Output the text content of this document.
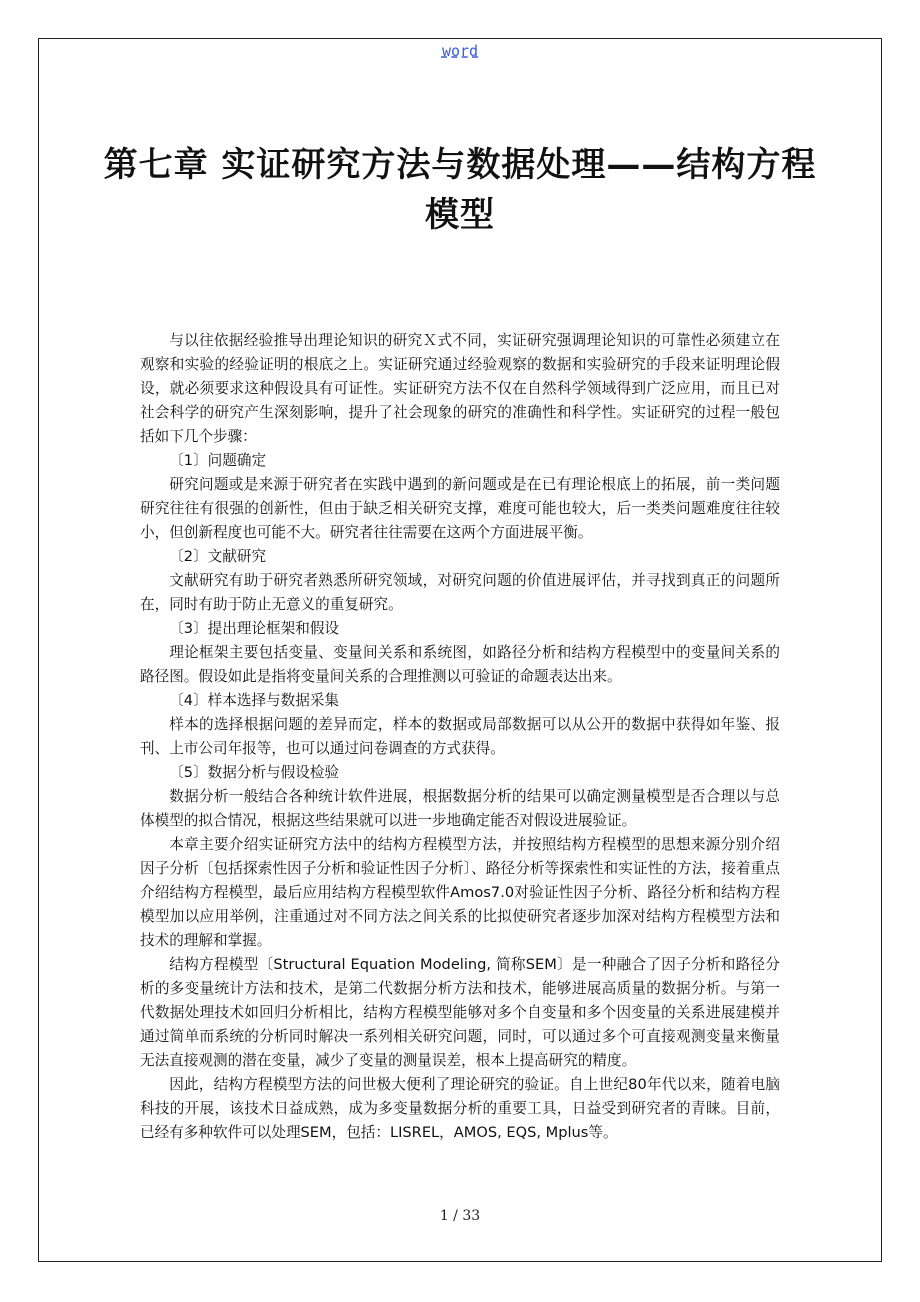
word
第七章 实证研究方法与数据处理——结构方程模型

与以往依据经验推导出理论知识的研究Ｘ式不同，实证研究强调理论知识的可靠性必须建立在观察和实验的经验证明的根底之上。实证研究通过经验观察的数据和实验研究的手段来证明理论假设，就必须要求这种假设具有可证性。实证研究方法不仅在自然科学领域得到广泛应用，而且已对社会科学的研究产生深刻影响，提升了社会现象的研究的准确性和科学性。实证研究的过程一般包括如下几个步骤：

〔1〕问题确定

研究问题或是来源于研究者在实践中遇到的新问题或是在已有理论根底上的拓展，前一类问题研究往往有很强的创新性，但由于缺乏相关研究支撑，难度可能也较大，后一类类问题难度往往较小，但创新程度也可能不大。研究者往往需要在这两个方面进展平衡。

〔2〕文献研究

文献研究有助于研究者熟悉所研究领域，对研究问题的价值进展评估，并寻找到真正的问题所在，同时有助于防止无意义的重复研究。

〔3〕提出理论框架和假设

理论框架主要包括变量、变量间关系和系统图，如路径分析和结构方程模型中的变量间关系的路径图。假设如此是指将变量间关系的合理推测以可验证的命题表达出来。

〔4〕样本选择与数据采集

样本的选择根据问题的差异而定，样本的数据或局部数据可以从公开的数据中获得如年鉴、报刊、上市公司年报等，也可以通过问卷调查的方式获得。

〔5〕数据分析与假设检验

数据分析一般结合各种统计软件进展，根据数据分析的结果可以确定测量模型是否合理以与总体模型的拟合情况，根据这些结果就可以进一步地确定能否对假设进展验证。

本章主要介绍实证研究方法中的结构方程模型方法，并按照结构方程模型的思想来源分别介绍因子分析〔包括探索性因子分析和验证性因子分析〕、路径分析等探索性和实证性的方法，接着重点介绍结构方程模型，最后应用结构方程模型软件Amos7.0对验证性因子分析、路径分析和结构方程模型加以应用举例，注重通过对不同方法之间关系的比拟使研究者逐步加深对结构方程模型方法和技术的理解和掌握。

结构方程模型〔Structural Equation Modeling, 简称SEM〕是一种融合了因子分析和路径分析的多变量统计方法和技术，是第二代数据分析方法和技术，能够进展高质量的数据分析。与第一代数据处理技术如回归分析相比，结构方程模型能够对多个自变量和多个因变量的关系进展建模并通过简单而系统的分析同时解决一系列相关研究问题，同时，可以通过多个可直接观测变量来衡量无法直接观测的潜在变量，减少了变量的测量误差，根本上提高研究的精度。

因此，结构方程模型方法的问世极大便利了理论研究的验证。自上世纪80年代以来，随着电脑科技的开展，该技术日益成熟，成为多变量数据分析的重要工具，日益受到研究者的青睐。目前，已经有多种软件可以处理SEM，包括：LISREL，AMOS, EQS, Mplus等。

1 / 33
